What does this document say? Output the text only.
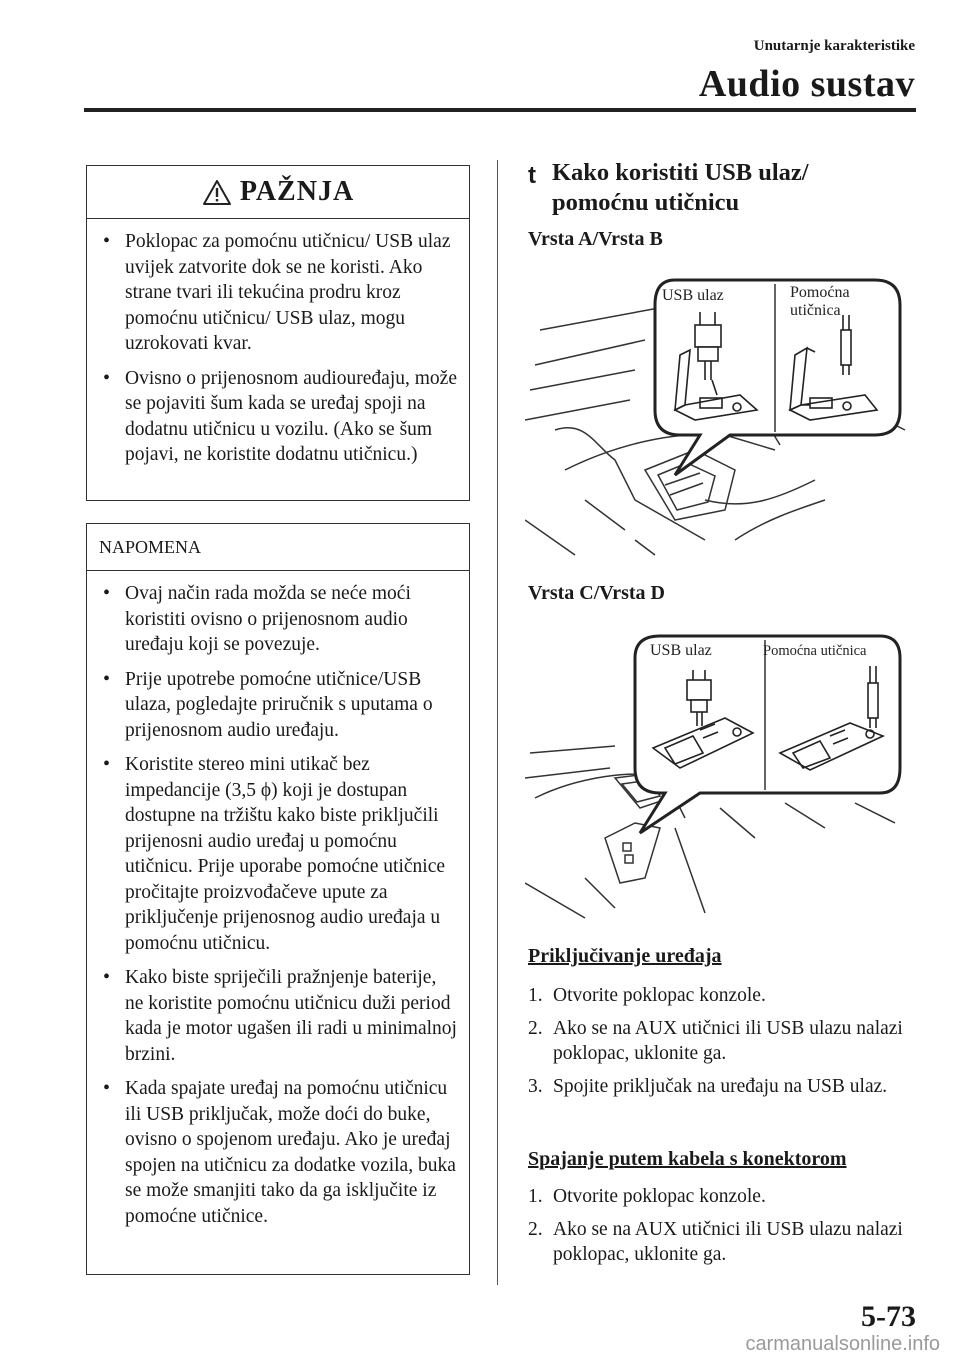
Unutarnje karakteristike
Audio sustav
PAŽNJA
• Poklopac za pomoćnu utičnicu/ USB ulaz uvijek zatvorite dok se ne koristi. Ako strane tvari ili tekućina prodru kroz pomoćnu utičnicu/ USB ulaz, mogu uzrokovati kvar.
• Ovisno o prijenosnom audiouređaju, može se pojaviti šum kada se uređaj spoji na dodatnu utičnicu u vozilu. (Ako se šum pojavi, ne koristite dodatnu utičnicu.)
NAPOMENA
• Ovaj način rada možda se neće moći koristiti ovisno o prijenosnom audio uređaju koji se povezuje.
• Prije upotrebe pomoćne utičnice/USB ulaza, pogledajte priručnik s uputama o prijenosnom audio uređaju.
• Koristite stereo mini utikač bez impedancije (3,5 ϕ) koji je dostupan dostupne na tržištu kako biste priključili prijenosni audio uređaj u pomoćnu utičnicu. Prije uporabe pomoćne utičnice pročitajte proizvođačeve upute za priključenje prijenosnog audio uređaja u pomoćnu utičnicu.
• Kako biste spriječili pražnjenje baterije, ne koristite pomoćnu utičnicu duži period kada je motor ugašen ili radi u minimalnoj brzini.
• Kada spajate uređaj na pomoćnu utičnicu ili USB priključak, može doći do buke, ovisno o spojenom uređaju. Ako je uređaj spojen na utičnicu za dodatke vozila, buka se može smanjiti tako da ga isključite iz pomoćne utičnice.
t Kako koristiti USB ulaz/ pomoćnu utičnicu
Vrsta A/Vrsta B
USB ulaz	Pomoćna
utičnica
Vrsta C/Vrsta D
USB ulaz	Pomoćna utičnica
Priključivanje uređaja
1. Otvorite poklopac konzole.
2. Ako se na AUX utičnici ili USB ulazu nalazi poklopac, uklonite ga.
3. Spojite priključak na uređaju na USB ulaz.
Spajanje putem kabela s konektorom
1. Otvorite poklopac konzole.
2. Ako se na AUX utičnici ili USB ulazu nalazi poklopac, uklonite ga.
5-73
carmanualsonline.info
